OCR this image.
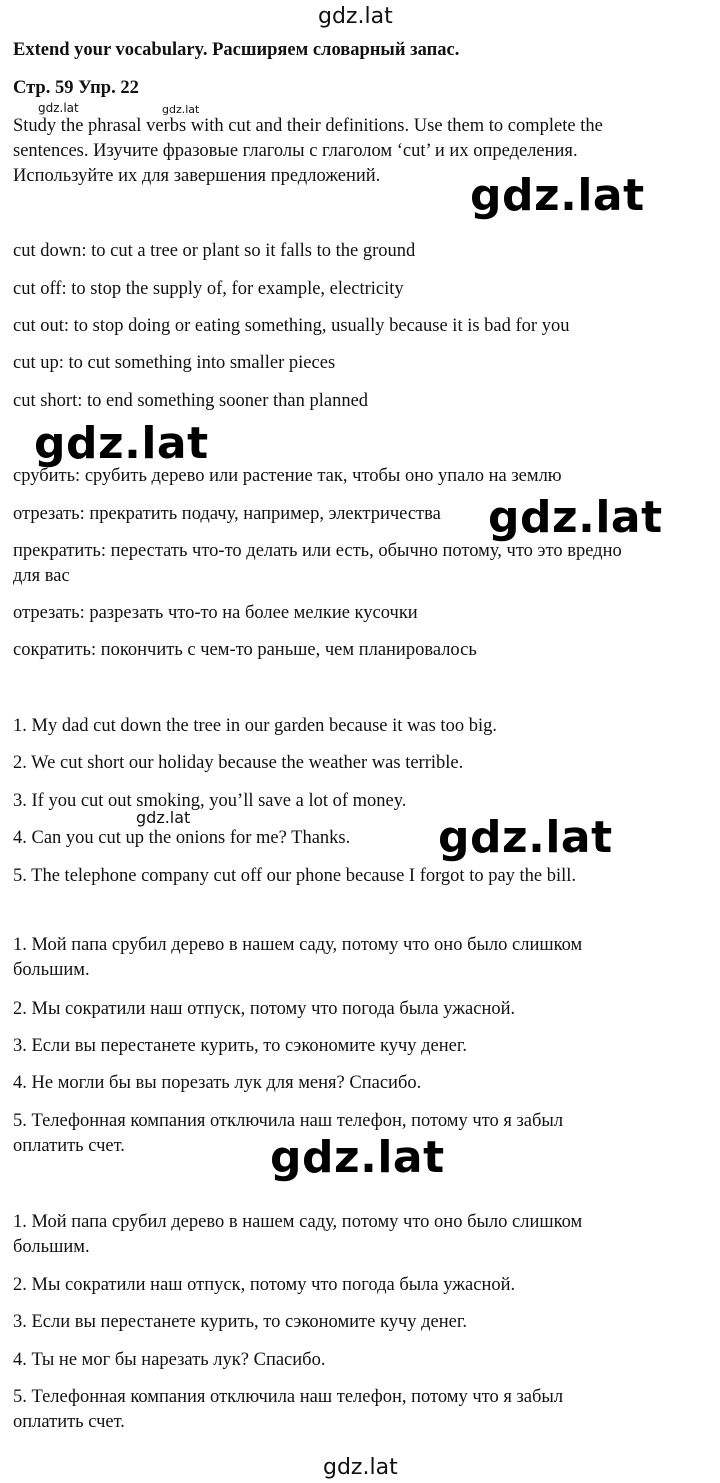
gdz.lat
Extend your vocabulary. Расширяем словарный запас.
Стр. 59 Упр. 22
gdz.lat	gdz.lat
Study the phrasal verbs with cut and their definitions. Use them to complete the
sentences. Изучите фразовые глаголы с глаголом ‘cut’ и их определения.
Используйте их для завершения предложений. gdz.lat
cut down: to cut a tree or plant so it falls to the ground
cut off: to stop the supply of, for example, electricity
cut out: to stop doing or eating something, usually because it is bad for you
cut up: to cut something into smaller pieces
cut short: to end something sooner than planned
gdz.lat
срубить: срубить дерево или растение так, чтобы оно упало на землю
отрезать: прекратить подачу, например, электричества gdz.lat
прекратить: перестать что-то делать или есть, обычно потому, что это вредно
для вас
отрезать: разрезать что-то на более мелкие кусочки
сократить: покончить с чем-то раньше, чем планировалось
1. My dad cut down the tree in our garden because it was too big.
2. We cut short our holiday because the weather was terrible.
3. If you cut out smoking, you’ll save a lot of money.
gdz.lat
4. Can you cut up the onions for me? Thanks. gdz.lat
5. The telephone company cut off our phone because I forgot to pay the bill.
1. Мой папа срубил дерево в нашем саду, потому что оно было слишком
большим.
2. Мы сократили наш отпуск, потому что погода была ужасной.
3. Если вы перестанете курить, то сэкономите кучу денег.
4. Не могли бы вы порезать лук для меня? Спасибо.
5. Телефонная компания отключила наш телефон, потому что я забыл
оплатить счет.	gdz.lat
1. Мой папа срубил дерево в нашем саду, потому что оно было слишком
большим.
2. Мы сократили наш отпуск, потому что погода была ужасной.
3. Если вы перестанете курить, то сэкономите кучу денег.
4. Ты не мог бы нарезать лук? Спасибо.
5. Телефонная компания отключила наш телефон, потому что я забыл
оплатить счет.
gdz.lat
